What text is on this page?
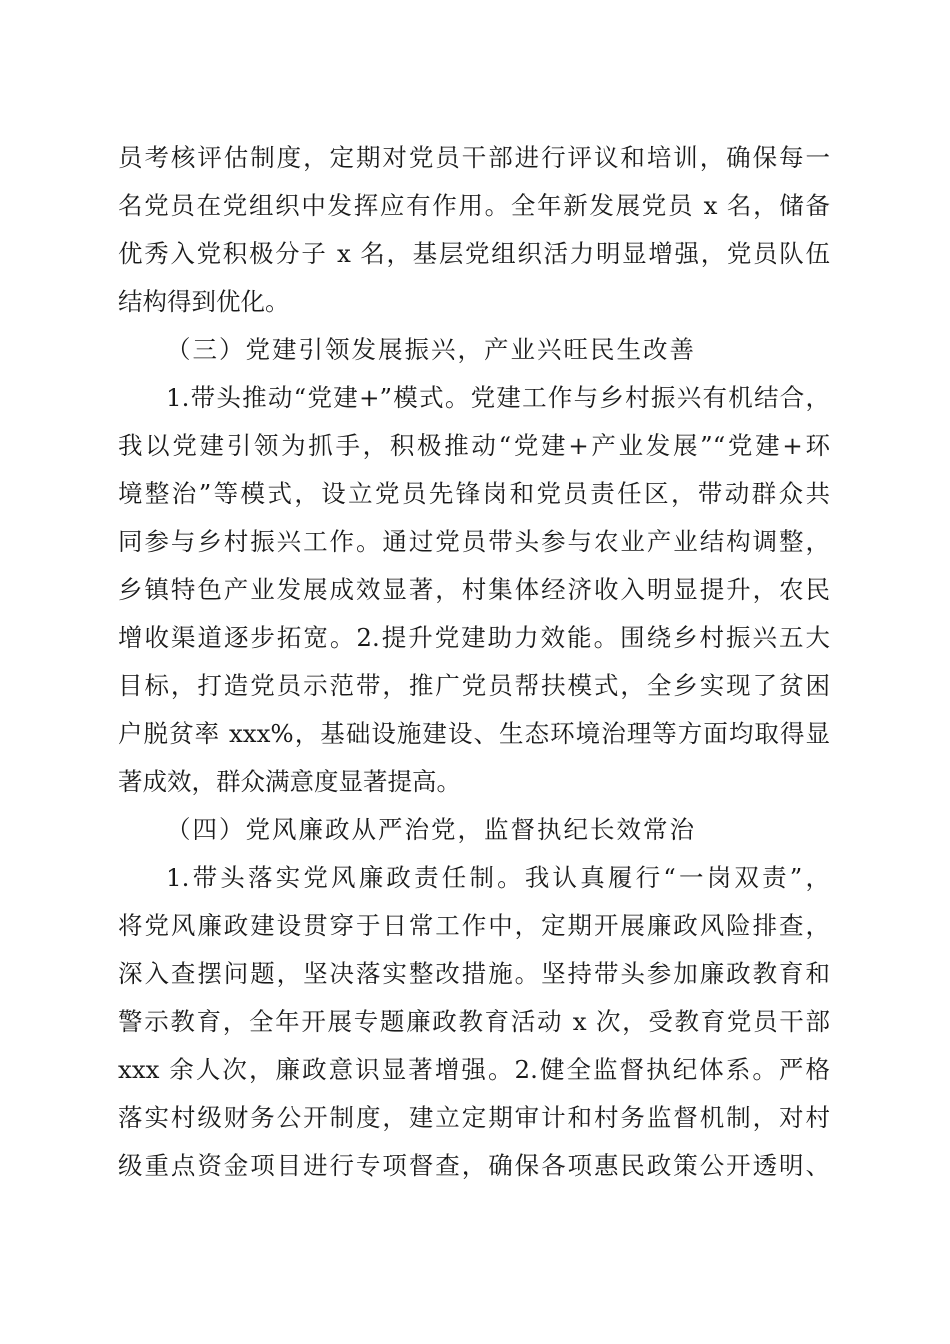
员考核评估制度，定期对党员干部进行评议和培训，确保每一
名党员在党组织中发挥应有作用。全年新发展党员 x 名，储备
优秀入党积极分子 x 名，基层党组织活力明显增强，党员队伍
结构得到优化。
（三）党建引领发展振兴，产业兴旺民生改善
1.带头推动“党建+”模式。党建工作与乡村振兴有机结合，
我以党建引领为抓手，积极推动“党建+产业发展”“党建+环
境整治”等模式，设立党员先锋岗和党员责任区，带动群众共
同参与乡村振兴工作。通过党员带头参与农业产业结构调整，
乡镇特色产业发展成效显著，村集体经济收入明显提升，农民
增收渠道逐步拓宽。2.提升党建助力效能。围绕乡村振兴五大
目标，打造党员示范带，推广党员帮扶模式，全乡实现了贫困
户脱贫率 xxx%，基础设施建设、生态环境治理等方面均取得显
著成效，群众满意度显著提高。
（四）党风廉政从严治党，监督执纪长效常治
1.带头落实党风廉政责任制。我认真履行“一岗双责”，
将党风廉政建设贯穿于日常工作中，定期开展廉政风险排查，
深入查摆问题，坚决落实整改措施。坚持带头参加廉政教育和
警示教育，全年开展专题廉政教育活动 x 次，受教育党员干部
xxx 余人次，廉政意识显著增强。2.健全监督执纪体系。严格
落实村级财务公开制度，建立定期审计和村务监督机制，对村
级重点资金项目进行专项督查，确保各项惠民政策公开透明、
